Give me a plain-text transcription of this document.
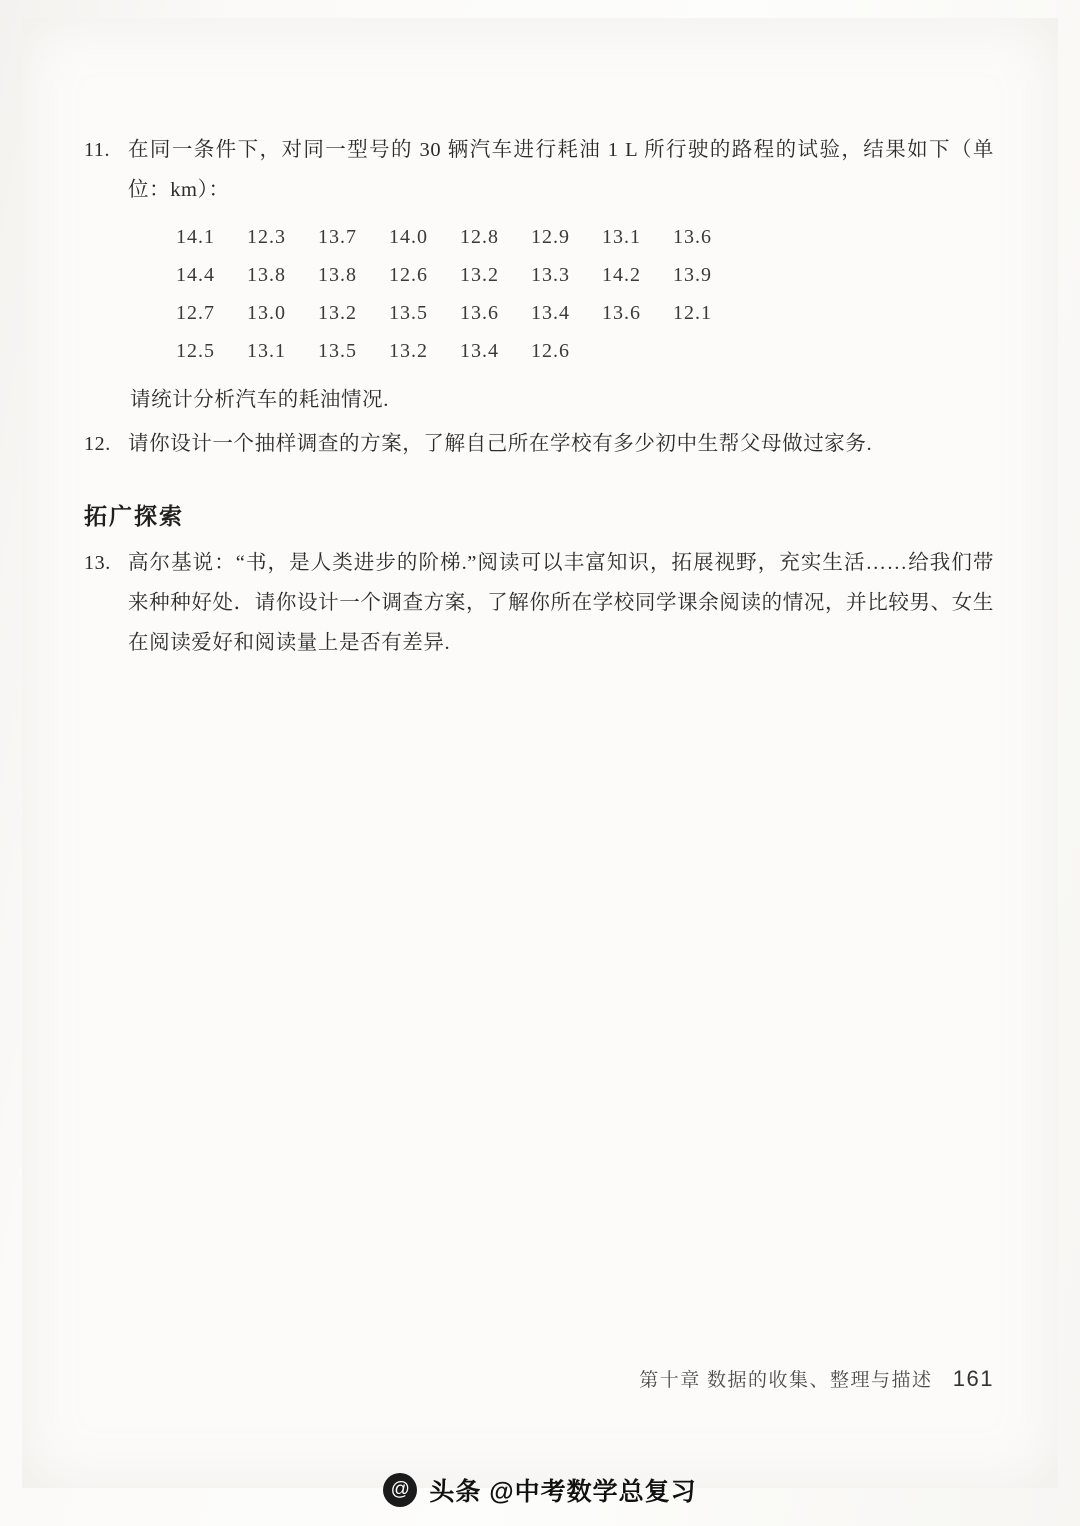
11. 在同一条件下，对同一型号的 30 辆汽车进行耗油 1 L 所行驶的路程的试验，结果如下（单位：km）：
14.1	12.3	13.7	14.0	12.8	12.9	13.1	13.6
14.4	13.8	13.8	12.6	13.2	13.3	14.2	13.9
12.7	13.0	13.2	13.5	13.6	13.4	13.6	12.1
12.5	13.1	13.5	13.2	13.4	12.6
请统计分析汽车的耗油情况.
12. 请你设计一个抽样调查的方案，了解自己所在学校有多少初中生帮父母做过家务.
拓广探索
13. 高尔基说：“书，是人类进步的阶梯.”阅读可以丰富知识，拓展视野，充实生活……给我们带来种种好处．请你设计一个调查方案，了解你所在学校同学课余阅读的情况，并比较男、女生在阅读爱好和阅读量上是否有差异.
第十章 数据的收集、整理与描述 161
@ 头条 @中考数学总复习
